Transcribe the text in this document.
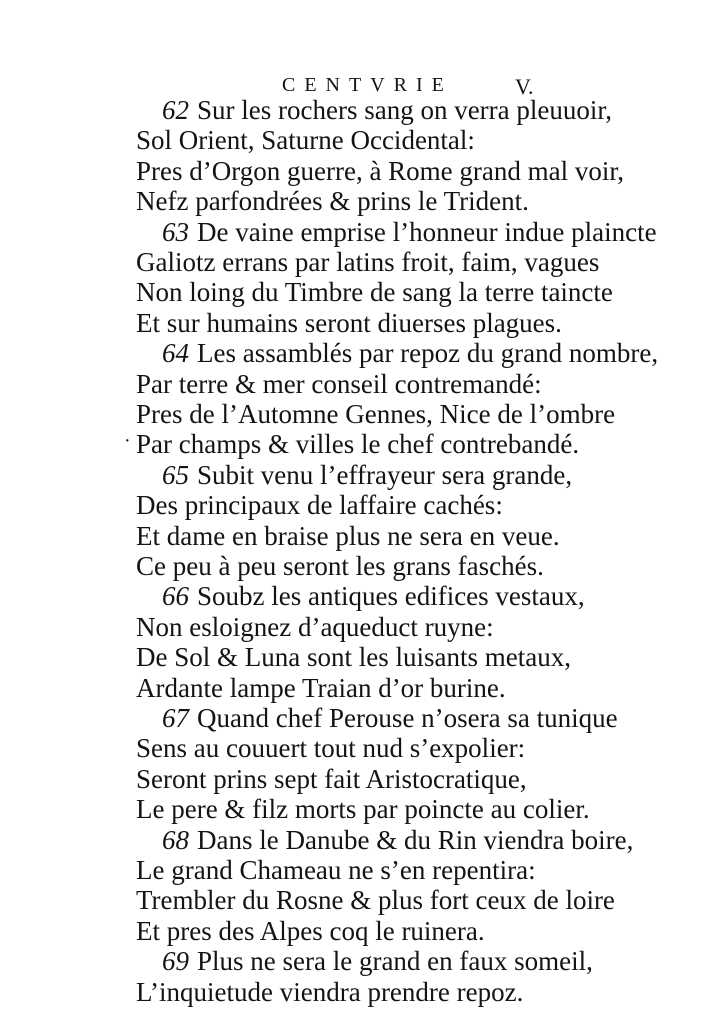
CENTVRIE	V.
·
62 Sur les rochers sang on verra pleuuoir,
Sol Orient, Saturne Occidental:
Pres d’Orgon guerre, à Rome grand mal voir,
Nefz parfondrées & prins le Trident.
63 De vaine emprise l’honneur indue plaincte
Galiotz errans par latins froit, faim, vagues
Non loing du Timbre de sang la terre taincte
Et sur humains seront diuerses plagues.
64 Les assamblés par repoz du grand nombre,
Par terre & mer conseil contremandé:
Pres de l’Automne Gennes, Nice de l’ombre
Par champs & villes le chef contrebandé.
65 Subit venu l’effrayeur sera grande,
Des principaux de laffaire cachés:
Et dame en braise plus ne sera en veue.
Ce peu à peu seront les grans faschés.
66 Soubz les antiques edifices vestaux,
Non esloignez d’aqueduct ruyne:
De Sol & Luna sont les luisants metaux,
Ardante lampe Traian d’or burine.
67 Quand chef Perouse n’osera sa tunique
Sens au couuert tout nud s’expolier:
Seront prins sept fait Aristocratique,
Le pere & filz morts par poincte au colier.
68 Dans le Danube & du Rin viendra boire,
Le grand Chameau ne s’en repentira:
Trembler du Rosne & plus fort ceux de loire
Et pres des Alpes coq le ruinera.
69 Plus ne sera le grand en faux someil,
L’inquietude viendra prendre repoz.
